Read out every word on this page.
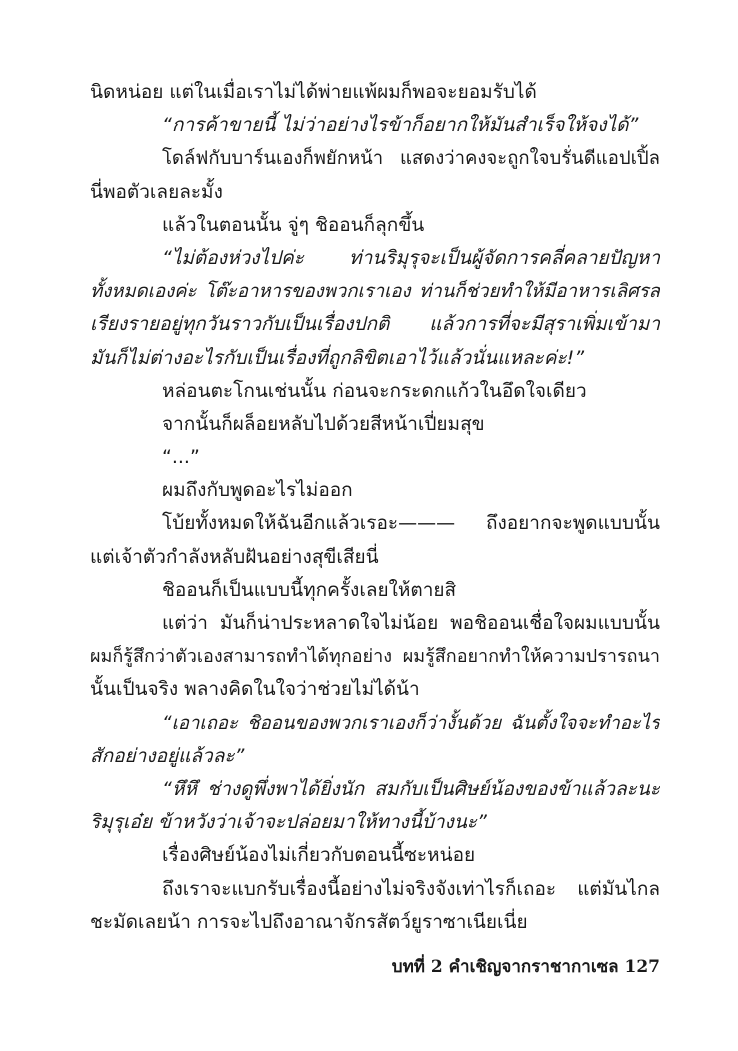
นิดหน่อย แต่ในเมื่อเราไม่ได้พ่ายแพ้ผมก็พอจะยอมรับได้
“การค้าขายนี้ ไม่ว่าอย่างไรข้าก็อยากให้มันสำเร็จให้จงได้”
โดล์ฟกับบาร์นเองก็พยักหน้า แสดงว่าคงจะถูกใจบรั่นดีแอปเปิ้ล
นี่พอตัวเลยละมั้ง
แล้วในตอนนั้น จู่ๆ ชิออนก็ลุกขึ้น
“ไม่ต้องห่วงไปค่ะ ท่านริมุรุจะเป็นผู้จัดการคลี่คลายปัญหา
ทั้งหมดเองค่ะ โต๊ะอาหารของพวกเราเอง ท่านก็ช่วยทำให้มีอาหารเลิศรส
เรียงรายอยู่ทุกวันราวกับเป็นเรื่องปกติ แล้วการที่จะมีสุราเพิ่มเข้ามา
มันก็ไม่ต่างอะไรกับเป็นเรื่องที่ถูกลิขิตเอาไว้แล้วนั่นแหละค่ะ!”
หล่อนตะโกนเช่นนั้น ก่อนจะกระดกแก้วในอึดใจเดียว
จากนั้นก็ผล็อยหลับไปด้วยสีหน้าเปี่ยมสุข
“...”
ผมถึงกับพูดอะไรไม่ออก
โบ้ยทั้งหมดให้ฉันอีกแล้วเรอะ——— ถึงอยากจะพูดแบบนั้น
แต่เจ้าตัวกำลังหลับฝันอย่างสุขีเสียนี่
ชิออนก็เป็นแบบนี้ทุกครั้งเลยให้ตายสิ
แต่ว่า มันก็น่าประหลาดใจไม่น้อย พอชิออนเชื่อใจผมแบบนั้น
ผมก็รู้สึกว่าตัวเองสามารถทำได้ทุกอย่าง ผมรู้สึกอยากทำให้ความปรารถนา
นั้นเป็นจริง พลางคิดในใจว่าช่วยไม่ได้น้า
“เอาเถอะ ชิออนของพวกเราเองก็ว่างั้นด้วย ฉันตั้งใจจะทำอะไร
สักอย่างอยู่แล้วละ”
“หึหึ ช่างดูพึ่งพาได้ยิ่งนัก สมกับเป็นศิษย์น้องของข้าแล้วละนะ
ริมุรุเอ๋ย ข้าหวังว่าเจ้าจะปล่อยมาให้ทางนี้บ้างนะ”
เรื่องศิษย์น้องไม่เกี่ยวกับตอนนี้ซะหน่อย
ถึงเราจะแบกรับเรื่องนี้อย่างไม่จริงจังเท่าไรก็เถอะ แต่มันไกล
ชะมัดเลยน้า การจะไปถึงอาณาจักรสัตว์ยูราซาเนียเนี่ย
บทที่ 2 คำเชิญจากราชากาเซล 127
